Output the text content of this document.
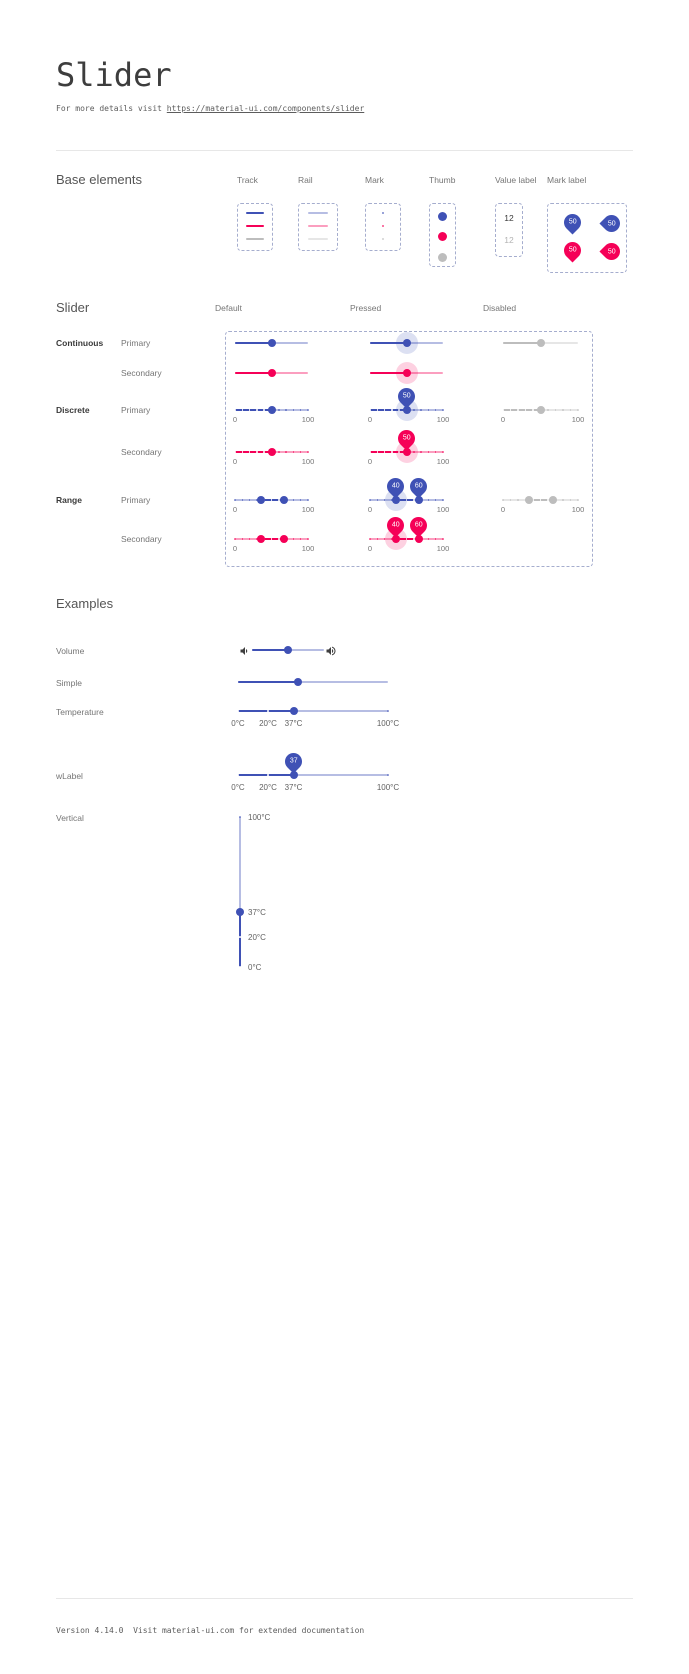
Slider
For more details visit https://material-ui.com/components/slider
Base elements
Slider
Examples
Version 4.14.0  Visit material-ui.com for extended documentation
Track	Rail	Mark	Thumb	Value label
12
12
Mark label
50	50
50	50
Default	Pressed	Disabled
Continuous Primary
Secondary
Discrete	Primary
0	100	0	100
50
0	100
Secondary
0	100	0	100
50
Range	Primary
0	100	0	100
40 60
0	100
Secondary
0	100	0	100
40 60
Volume
Simple
Temperature
0°C 20°C 37°C	100°C
wLabel
0°C 20°C 37°C	100°C
37
Vertical
0°C
20°C
37°C
100°C
